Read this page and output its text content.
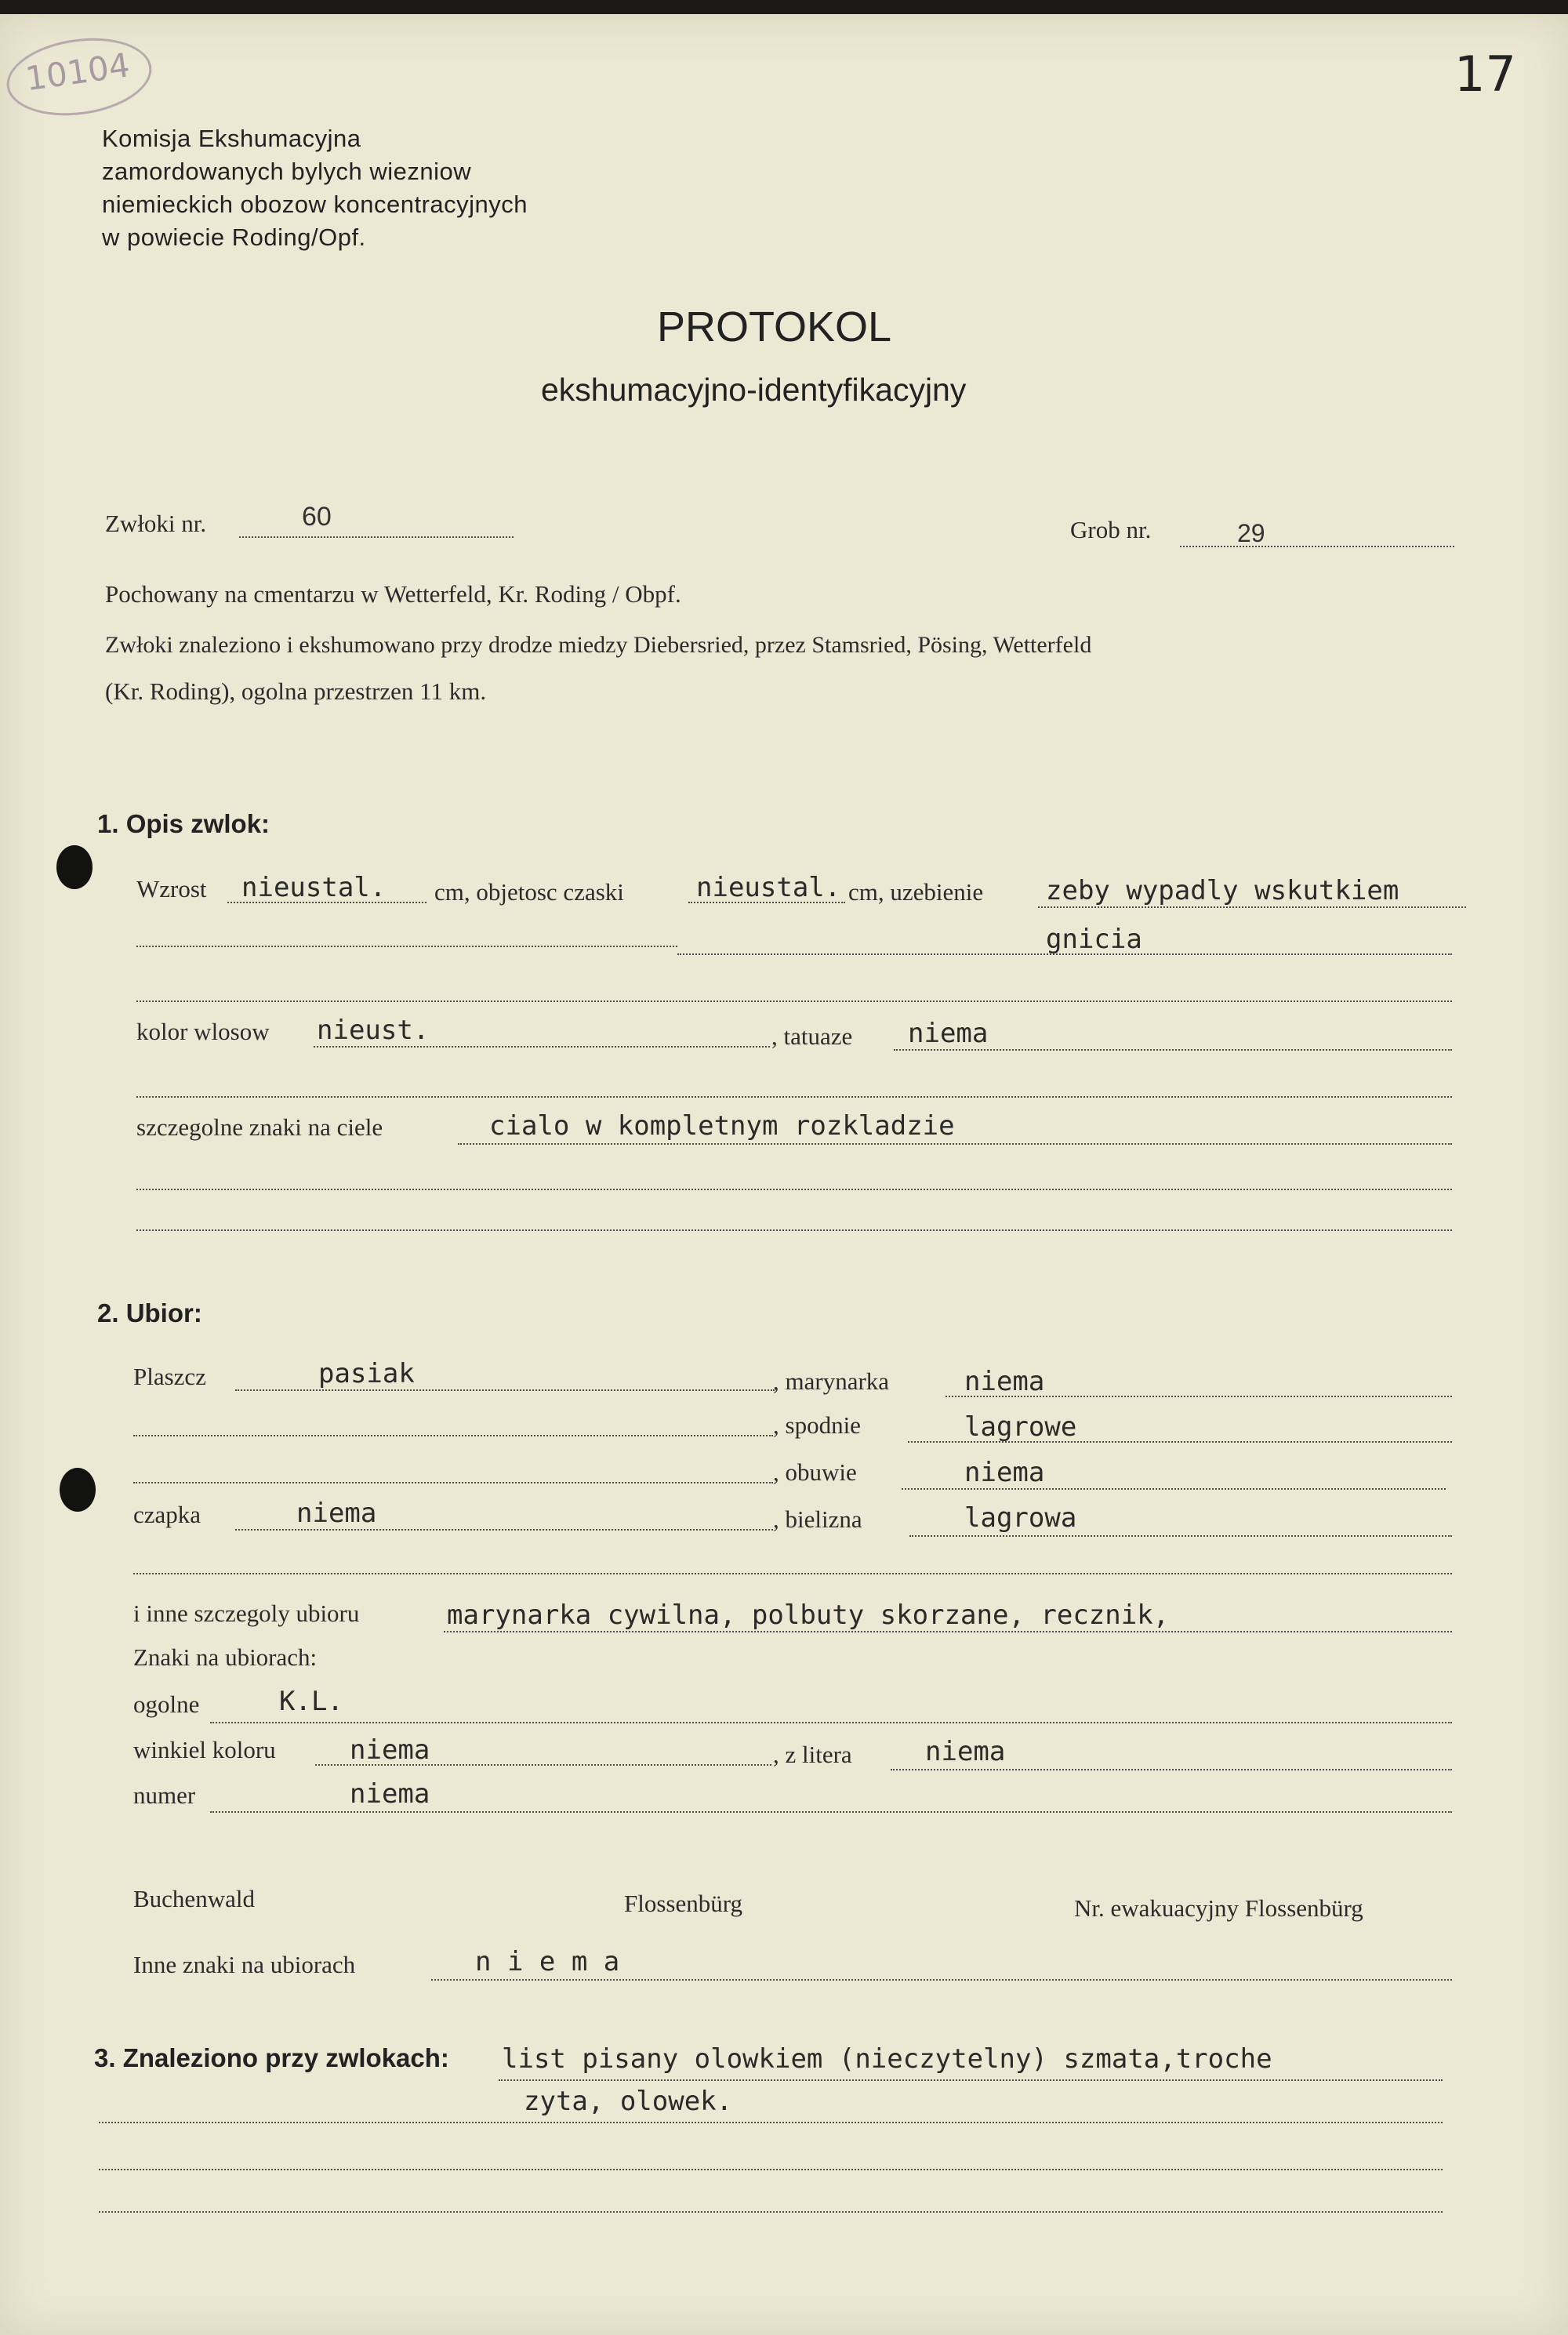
10104	17
Komisja Ekshumacyjna
zamordowanych bylych wiezniow
niemieckich obozow koncentracyjnych
w powiecie Roding/Opf.
PROTOKOL
ekshumacyjno-identyfikacyjny
Zwłoki nr.	60	Grob nr.	29
Pochowany na cmentarzu w Wetterfeld, Kr. Roding / Obpf.
Zwłoki znaleziono i ekshumowano przy drodze miedzy Diebersried, przez Stamsried, Pösing, Wetterfeld
(Kr. Roding), ogolna przestrzen 11 km.
1. Opis zwlok:
Wzrost nieustal. cm, objetosc czaski	nieustal. cm, uzebienie zeby wypadly wskutkiem
gnicia
kolor wlosow nieust.	, tatuaze niema
szczegolne znaki na ciele	cialo w kompletnym rozkladzie
2. Ubior:
Plaszcz	pasiak	, marynarka	niema
, spodnie	lagrowe
, obuwie	niema
czapka	niema	, bielizna	lagrowa
i inne szczegoly ubioru	marynarka cywilna, polbuty skorzane, recznik,
Znaki na ubiorach:
ogolne	K.L.
winkiel koloru	niema	, z litera	niema
numer	niema
Buchenwald	Flossenbürg	Nr. ewakuacyjny Flossenbürg
Inne znaki na ubiorach	n i e m a
3. Znaleziono przy zwlokach: list pisany olowkiem (nieczytelny) szmata,troche
zyta, olowek.
